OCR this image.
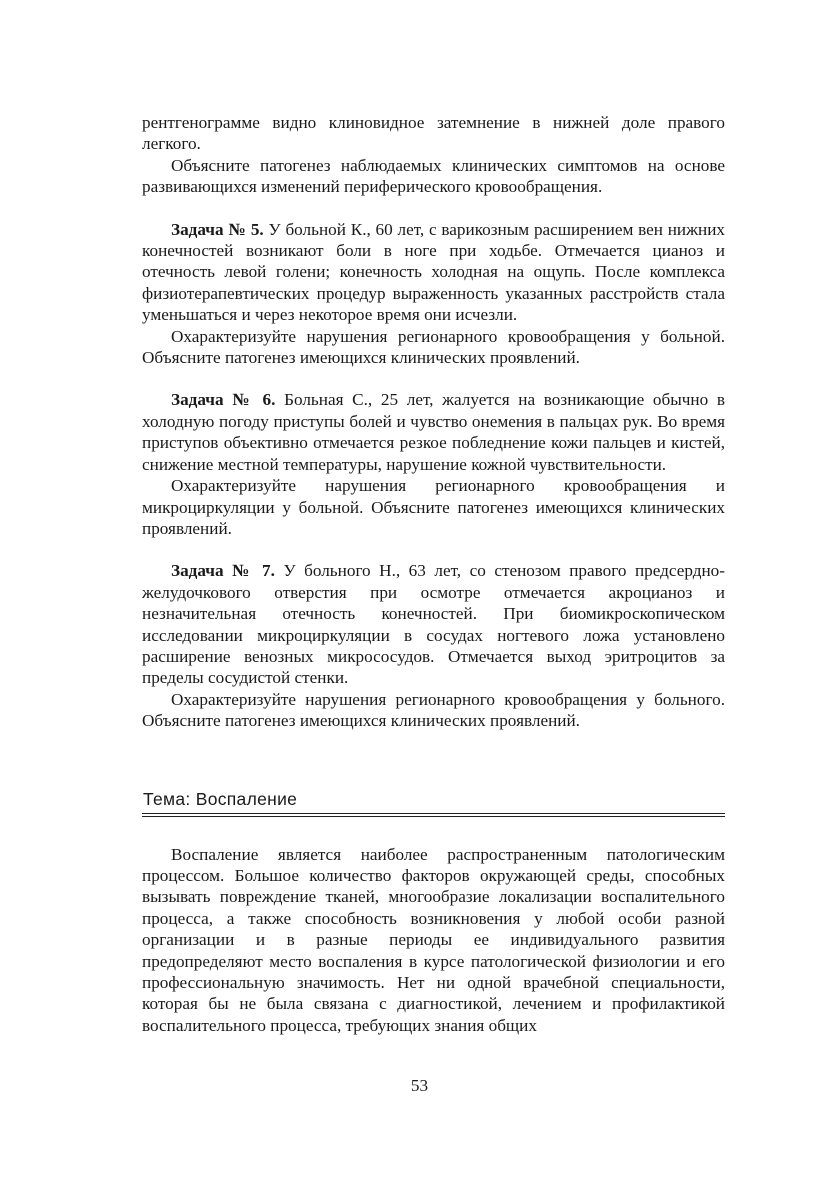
рентгенограмме видно клиновидное затемнение в нижней доле правого легкого.

Объясните патогенез наблюдаемых клинических симптомов на основе развивающихся изменений периферического кровообращения.

Задача № 5. У больной К., 60 лет, с варикозным расширением вен нижних конечностей возникают боли в ноге при ходьбе. Отмечается цианоз и отечность левой голени; конечность холодная на ощупь. После комплекса физиотерапевтических процедур выраженность указанных расстройств стала уменьшаться и через некоторое время они исчезли.

Охарактеризуйте нарушения регионарного кровообращения у больной. Объясните патогенез имеющихся клинических проявлений.

Задача № 6. Больная С., 25 лет, жалуется на возникающие обычно в холодную погоду приступы болей и чувство онемения в пальцах рук. Во время приступов объективно отмечается резкое побледнение кожи пальцев и кистей, снижение местной температуры, нарушение кожной чувствительности.

Охарактеризуйте нарушения регионарного кровообращения и микроциркуляции у больной. Объясните патогенез имеющихся клинических проявлений.

Задача № 7. У больного Н., 63 лет, со стенозом правого предсердно-желудочкового отверстия при осмотре отмечается акроцианоз и незначительная отечность конечностей. При биомикроскопическом исследовании микроциркуляции в сосудах ногтевого ложа установлено расширение венозных микрососудов. Отмечается выход эритроцитов за пределы сосудистой стенки.

Охарактеризуйте нарушения регионарного кровообращения у больного. Объясните патогенез имеющихся клинических проявлений.

Тема: Воспаление

Воспаление является наиболее распространенным патологическим процессом. Большое количество факторов окружающей среды, способных вызывать повреждение тканей, многообразие локализации воспалительного процесса, а также способность возникновения у любой особи разной организации и в разные периоды ее индивидуального развития предопределяют место воспаления в курсе патологической физиологии и его профессиональную значимость. Нет ни одной врачебной специальности, которая бы не была связана с диагностикой, лечением и профилактикой воспалительного процесса, требующих знания общих

53
